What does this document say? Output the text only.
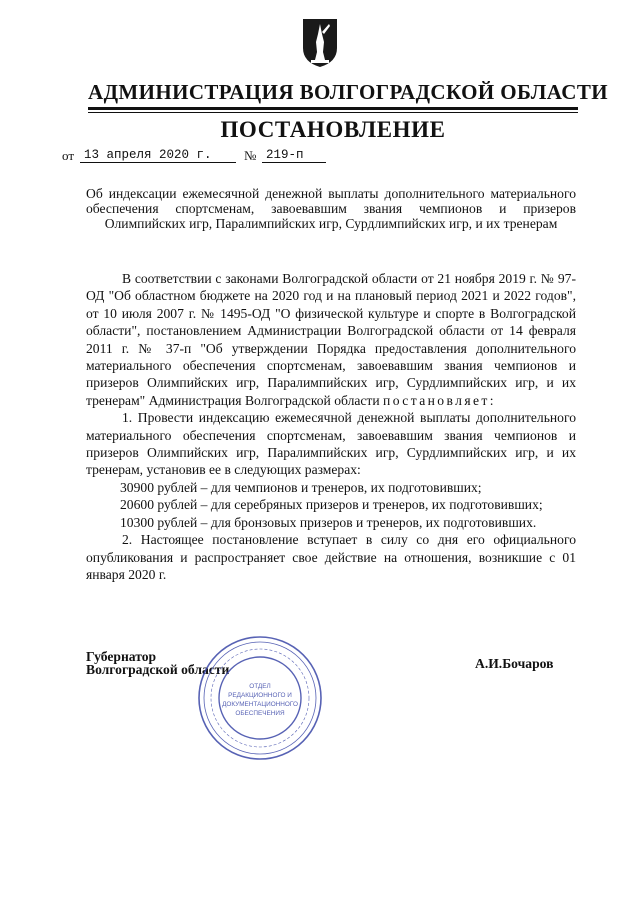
АДМИНИСТРАЦИЯ ВОЛГОГРАДСКОЙ ОБЛАСТИ
ПОСТАНОВЛЕНИЕ
от 13 апреля 2020 г.	№ 219-п
Об индексации ежемесячной денежной выплаты дополнительного материального обеспечения спортсменам, завоевавшим звания чемпионов и призеров Олимпийских игр, Паралимпийских игр, Сурдлимпийских игр, и их тренерам

В соответствии с законами Волгоградской области от 21 ноября 2019 г. № 97-ОД "Об областном бюджете на 2020 год и на плановый период 2021 и 2022 годов", от 10 июля 2007 г. № 1495-ОД "О физической культуре и спорте в Волгоградской области", постановлением Администрации Волгоградской области от 14 февраля 2011 г. № 37-п "Об утверждении Порядка предоставления дополнительного материального обеспечения спортсменам, завоевавшим звания чемпионов и призеров Олимпийских игр, Паралимпийских игр, Сурдлимпийских игр, и их тренерам" Администрация Волгоградской области постановляет:

1. Провести индексацию ежемесячной денежной выплаты дополнительного материального обеспечения спортсменам, завоевавшим звания чемпионов и призеров Олимпийских игр, Паралимпийских игр, Сурдлимпийских игр, и их тренерам, установив ее в следующих размерах:

30900 рублей – для чемпионов и тренеров, их подготовивших;

20600 рублей – для серебряных призеров и тренеров, их подготовивших;

10300 рублей – для бронзовых призеров и тренеров, их подготовивших.

2. Настоящее постановление вступает в силу со дня его официального опубликования и распространяет свое действие на отношения, возникшие с 01 января 2020 г.

Губернатор
Волгоградской области	А.И.Бочаров
ОТДЕЛ
РЕДАКЦИОННОГО И
ДОКУМЕНТАЦИОННОГО
ОБЕСПЕЧЕНИЯ
